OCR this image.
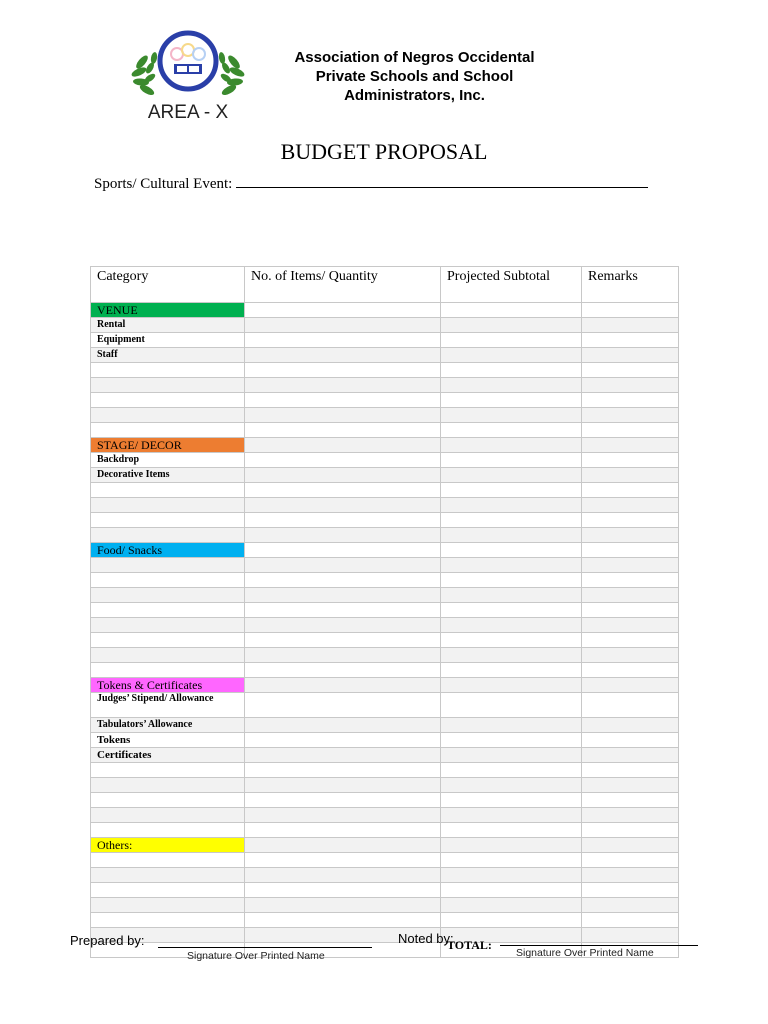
AREA - X
Association of Negros Occidental
Private Schools and School
Administrators, Inc.
BUDGET PROPOSAL
Sports/ Cultural Event:
Category	No. of Items/ Quantity	Projected Subtotal	Remarks
VENUE			
Rental			
Equipment			
Staff			

STAGE/ DECOR			
Backdrop			
Decorative Items			

Food/ Snacks			

Tokens & Certificates			
Judges’ Stipend/ Allowance			
Tabulators’ Allowance			
Tokens			
Certificates			

Others:			

Prepared by:
Signature Over Printed Name
Noted by:
TOTAL:
Signature Over Printed Name
